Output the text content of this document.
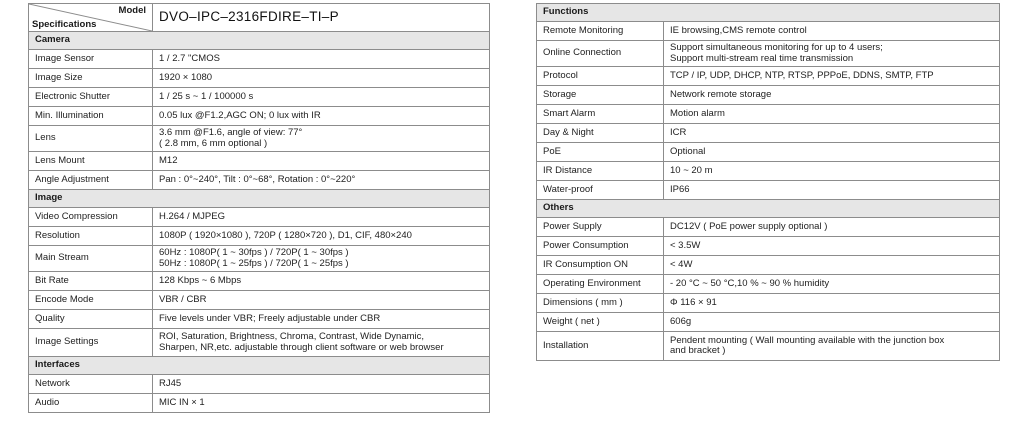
Model
Specifications	DVO–IPC–2316FDIRE–TI–P
Camera	
Image Sensor	1 / 2.7 "CMOS

Image Size	1920 × 1080

Electronic Shutter	1 / 25 s ~ 1 / 100000 s

Min. Illumination	0.05 lux @F1.2,AGC ON; 0 lux with IR

Lens	3.6 mm @F1.6, angle of view: 77°
( 2.8 mm, 6 mm optional )

Lens Mount	M12

Angle Adjustment	Pan : 0°~240°, Tilt : 0°~68°, Rotation : 0°~220°

Image	
Video Compression	H.264 / MJPEG

Resolution	1080P ( 1920×1080 ), 720P ( 1280×720 ), D1, CIF, 480×240

Main Stream	60Hz : 1080P( 1 ~ 30fps ) / 720P( 1 ~ 30fps )
50Hz : 1080P( 1 ~ 25fps ) / 720P( 1 ~ 25fps )

Bit Rate	128 Kbps ~ 6 Mbps

Encode Mode	VBR / CBR

Quality	Five levels under VBR; Freely adjustable under CBR

Image Settings	ROI, Saturation, Brightness, Chroma, Contrast, Wide Dynamic,
Sharpen, NR,etc. adjustable through client software or web browser

Interfaces	
Network	RJ45

Audio	MIC IN × 1
Functions	
Remote Monitoring	IE browsing,CMS remote control

Online Connection	Support simultaneous monitoring for up to 4 users;
Support multi-stream real time transmission

Protocol	TCP / IP, UDP, DHCP, NTP, RTSP, PPPoE, DDNS, SMTP, FTP

Storage	Network remote storage

Smart Alarm	Motion alarm

Day & Night	ICR

PoE	Optional

IR Distance	10 ~ 20 m

Water-proof	IP66

Others	
Power Supply	DC12V ( PoE power supply optional )

Power Consumption	< 3.5W

IR Consumption ON	< 4W

Operating Environment	- 20 °C ~ 50 °C,10 % ~ 90 % humidity

Dimensions ( mm )	Φ 116 × 91

Weight ( net )	606g

Installation	Pendent mounting ( Wall mounting available with the junction box
and bracket )
